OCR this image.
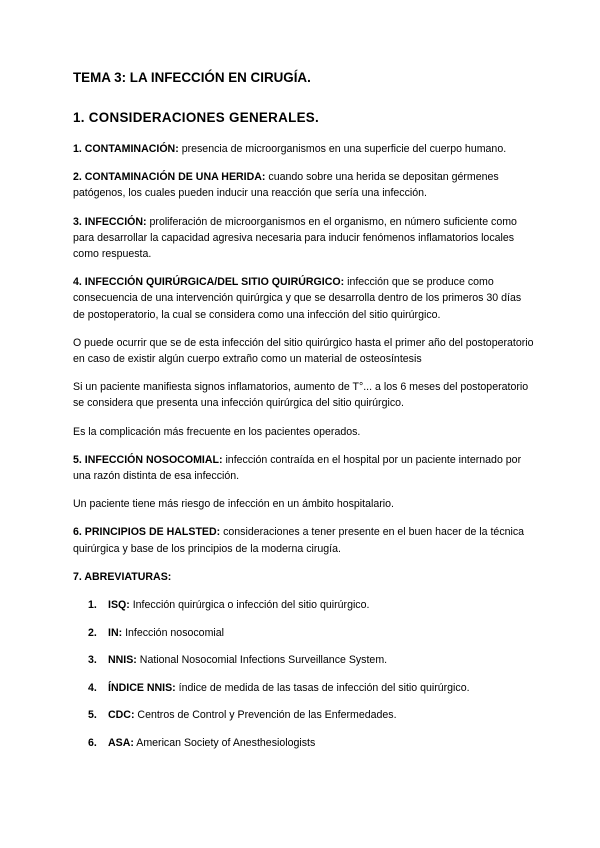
TEMA 3: LA INFECCIÓN EN CIRUGÍA.
1. CONSIDERACIONES GENERALES.

1. CONTAMINACIÓN: presencia de microorganismos en una superficie del cuerpo humano.

2. CONTAMINACIÓN DE UNA HERIDA: cuando sobre una herida se depositan gérmenes patógenos, los cuales pueden inducir una reacción que sería una infección.

3. INFECCIÓN: proliferación de microorganismos en el organismo, en número suficiente como para desarrollar la capacidad agresiva necesaria para inducir fenómenos inflamatorios locales como respuesta.

4. INFECCIÓN QUIRÚRGICA/DEL SITIO QUIRÚRGICO: infección que se produce como consecuencia de una intervención quirúrgica y que se desarrolla dentro de los primeros 30 días de postoperatorio, la cual se considera como una infección del sitio quirúrgico.

O puede ocurrir que se de esta infección del sitio quirúrgico hasta el primer año del postoperatorio en caso de existir algún cuerpo extraño como un material de osteosíntesis

Si un paciente manifiesta signos inflamatorios, aumento de T°... a los 6 meses del postoperatorio se considera que presenta una infección quirúrgica del sitio quirúrgico.

Es la complicación más frecuente en los pacientes operados.

5. INFECCIÓN NOSOCOMIAL: infección contraída en el hospital por un paciente internado por una razón distinta de esa infección.

Un paciente tiene más riesgo de infección en un ámbito hospitalario.

6. PRINCIPIOS DE HALSTED: consideraciones a tener presente en el buen hacer de la técnica quirúrgica y base de los principios de la moderna cirugía.

7. ABREVIATURAS:

1. ISQ: Infección quirúrgica o infección del sitio quirúrgico.
2. IN: Infección nosocomial
3. NNIS: National Nosocomial Infections Surveillance System.
4. ÍNDICE NNIS: índice de medida de las tasas de infección del sitio quirúrgico.
5. CDC: Centros de Control y Prevención de las Enfermedades.
6. ASA: American Society of Anesthesiologists
